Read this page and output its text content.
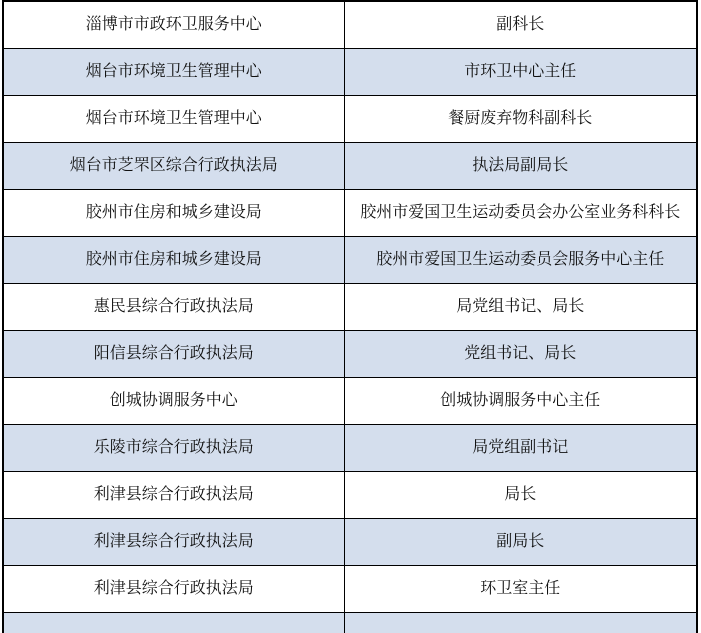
淄博市市政环卫服务中心	副科长
烟台市环境卫生管理中心	市环卫中心主任
烟台市环境卫生管理中心	餐厨废弃物科副科长
烟台市芝罘区综合行政执法局	执法局副局长
胶州市住房和城乡建设局	胶州市爱国卫生运动委员会办公室业务科科长
胶州市住房和城乡建设局	胶州市爱国卫生运动委员会服务中心主任
惠民县综合行政执法局	局党组书记、局长
阳信县综合行政执法局	党组书记、局长
创城协调服务中心	创城协调服务中心主任
乐陵市综合行政执法局	局党组副书记
利津县综合行政执法局	局长
利津县综合行政执法局	副局长
利津县综合行政执法局	环卫室主任
